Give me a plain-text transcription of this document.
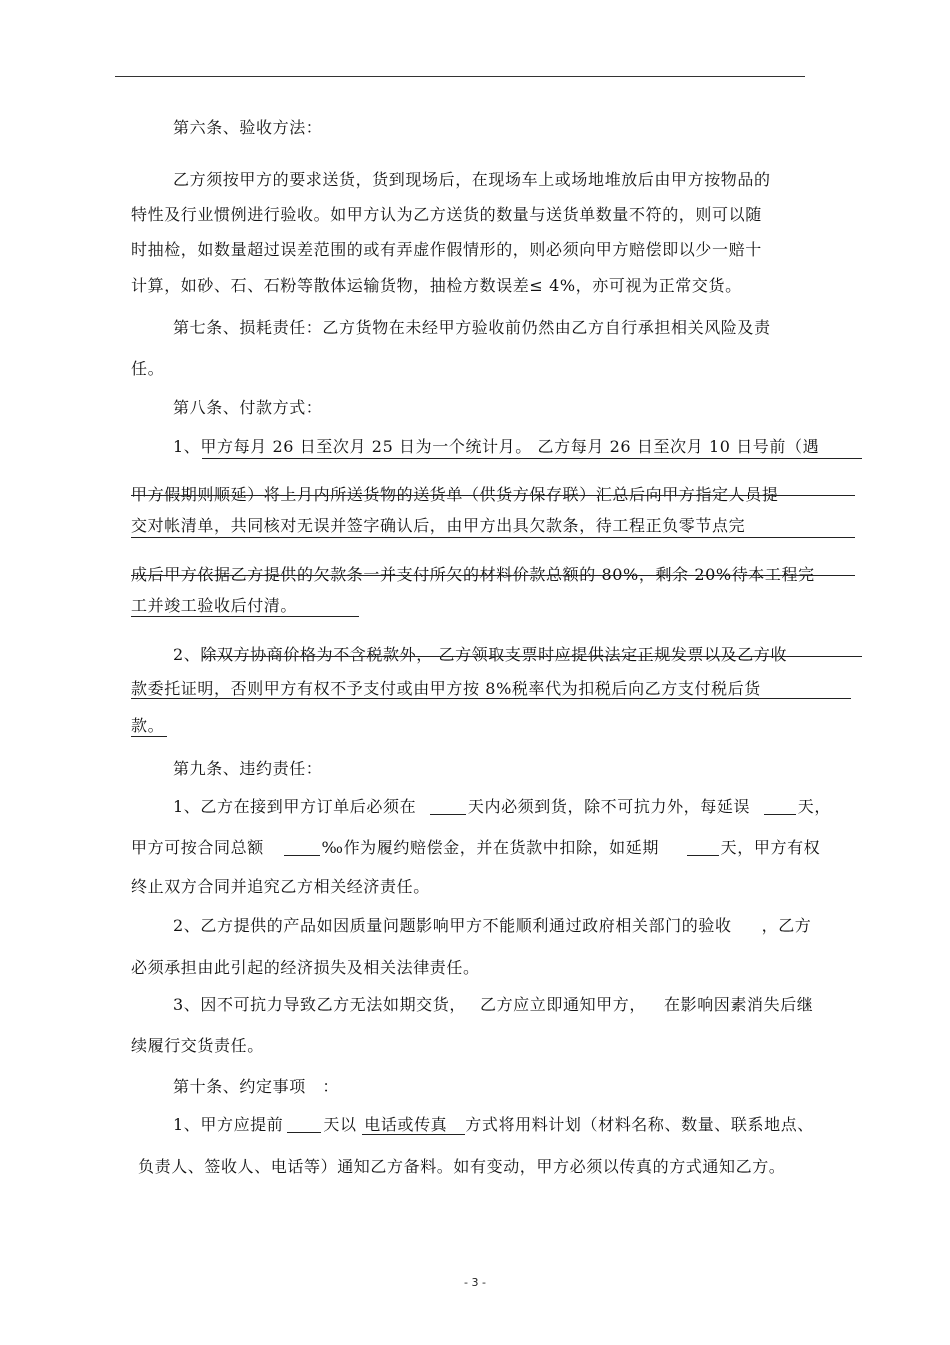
第六条、验收方法：
乙方须按甲方的要求送货，货到现场后，在现场车上或场地堆放后由甲方按物品的
特性及行业惯例进行验收。如甲方认为乙方送货的数量与送货单数量不符的，则可以随
时抽检，如数量超过误差范围的或有弄虚作假情形的，则必须向甲方赔偿即以少一赔十
计算，如砂、石、石粉等散体运输货物，抽检方数误差≤ 4%，亦可视为正常交货。
第七条、损耗责任：乙方货物在未经甲方验收前仍然由乙方自行承担相关风险及责
任。
第八条、付款方式：
1、甲方每月 26 日至次月 25 日为一个统计月。 乙方每月 26 日至次月 10 日号前（遇
甲方假期则顺延）将上月内所送货物的送货单（供货方保存联）汇总后向甲方指定人员提
交对帐清单，共同核对无误并签字确认后，由甲方出具欠款条，待工程正负零节点完
成后甲方依据乙方提供的欠款条一并支付所欠的材料价款总额的 80%，剩余 20%待本工程完
工并竣工验收后付清。
2、除双方协商价格为不含税款外， 乙方领取支票时应提供法定正规发票以及乙方收
款委托证明，否则甲方有权不予支付或由甲方按 8%税率代为扣税后向乙方支付税后货
款。
第九条、违约责任：
1、乙方在接到甲方订单后必须在	天内必须到货，除不可抗力外，每延误	天，
甲方可按合同总额	‰作为履约赔偿金，并在货款中扣除，如延期	天，甲方有权
终止双方合同并追究乙方相关经济责任。
2、乙方提供的产品如因质量问题影响甲方不能顺利通过政府相关部门的验收 ，乙方
必须承担由此引起的经济损失及相关法律责任。
3、因不可抗力导致乙方无法如期交货， 乙方应立即通知甲方， 在影响因素消失后继
续履行交货责任。
第十条、约定事项　：
1、甲方应提前	天以 电话或传真 方式将用料计划（材料名称、数量、联系地点、
负责人、签收人、电话等）通知乙方备料。如有变动，甲方必须以传真的方式通知乙方。
- 3 -
